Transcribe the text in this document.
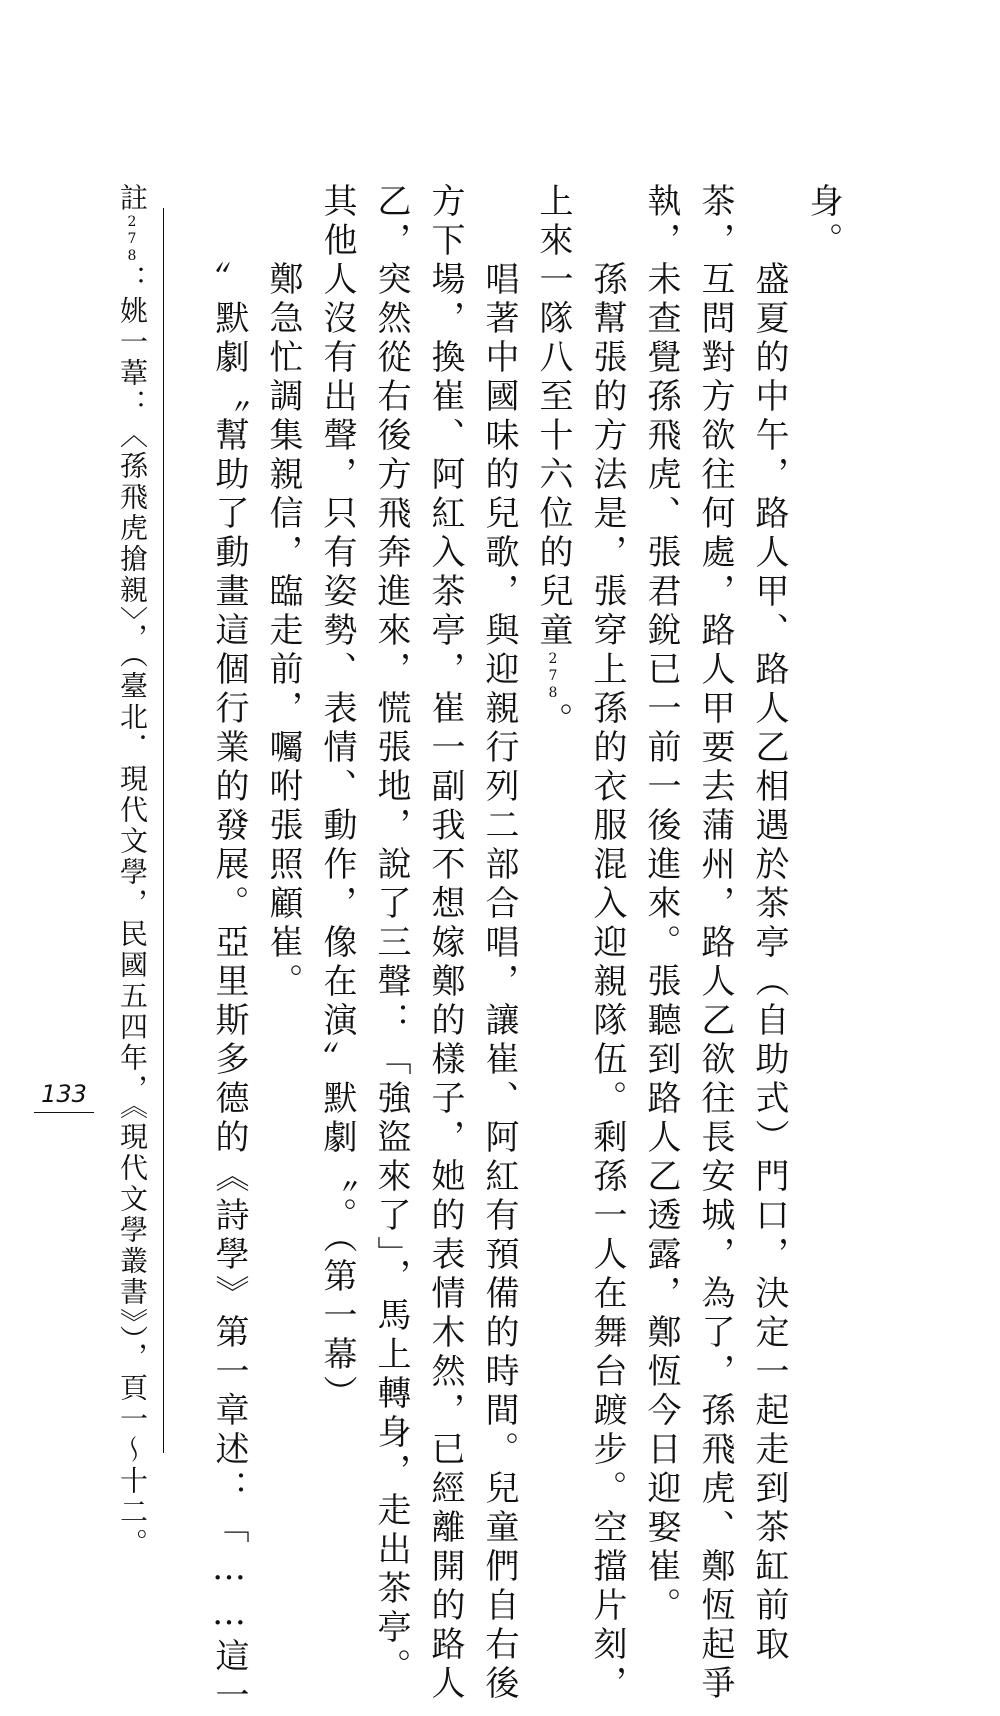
身。
　　盛夏的中午，路人甲、路人乙相遇於茶亭（自助式）門口，決定一起走到茶缸前取
茶，互問對方欲往何處，路人甲要去蒲州，路人乙欲往長安城，為了，孫飛虎、鄭恆起爭
執，未查覺孫飛虎、張君銳已一前一後進來。張聽到路人乙透露，鄭恆今日迎娶崔。
　　孫幫張的方法是，張穿上孫的衣服混入迎親隊伍。剩孫一人在舞台踱步。空擋片刻，
上來一隊八至十六位的兒童278。
　　唱著中國味的兒歌，與迎親行列二部合唱，讓崔、阿紅有預備的時間。兒童們自右後
方下場，換崔、阿紅入茶亭，崔一副我不想嫁鄭的樣子，她的表情木然，已經離開的路人
乙，突然從右後方飛奔進來，慌張地，說了三聲：「強盜來了」，馬上轉身，走出茶亭。
其他人沒有出聲，只有姿勢、表情、動作，像在演〞默劇〝。（第一幕）
　　鄭急忙調集親信，臨走前，囑咐張照顧崔。
　　〞默劇〝幫助了動畫這個行業的發展。亞里斯多德的《詩學》第一章述：「……這一
註278：姚一葦：〈孫飛虎搶親〉，（臺北．現代文學，民國五四年，《現代文學叢書》），頁一～十二。
133
